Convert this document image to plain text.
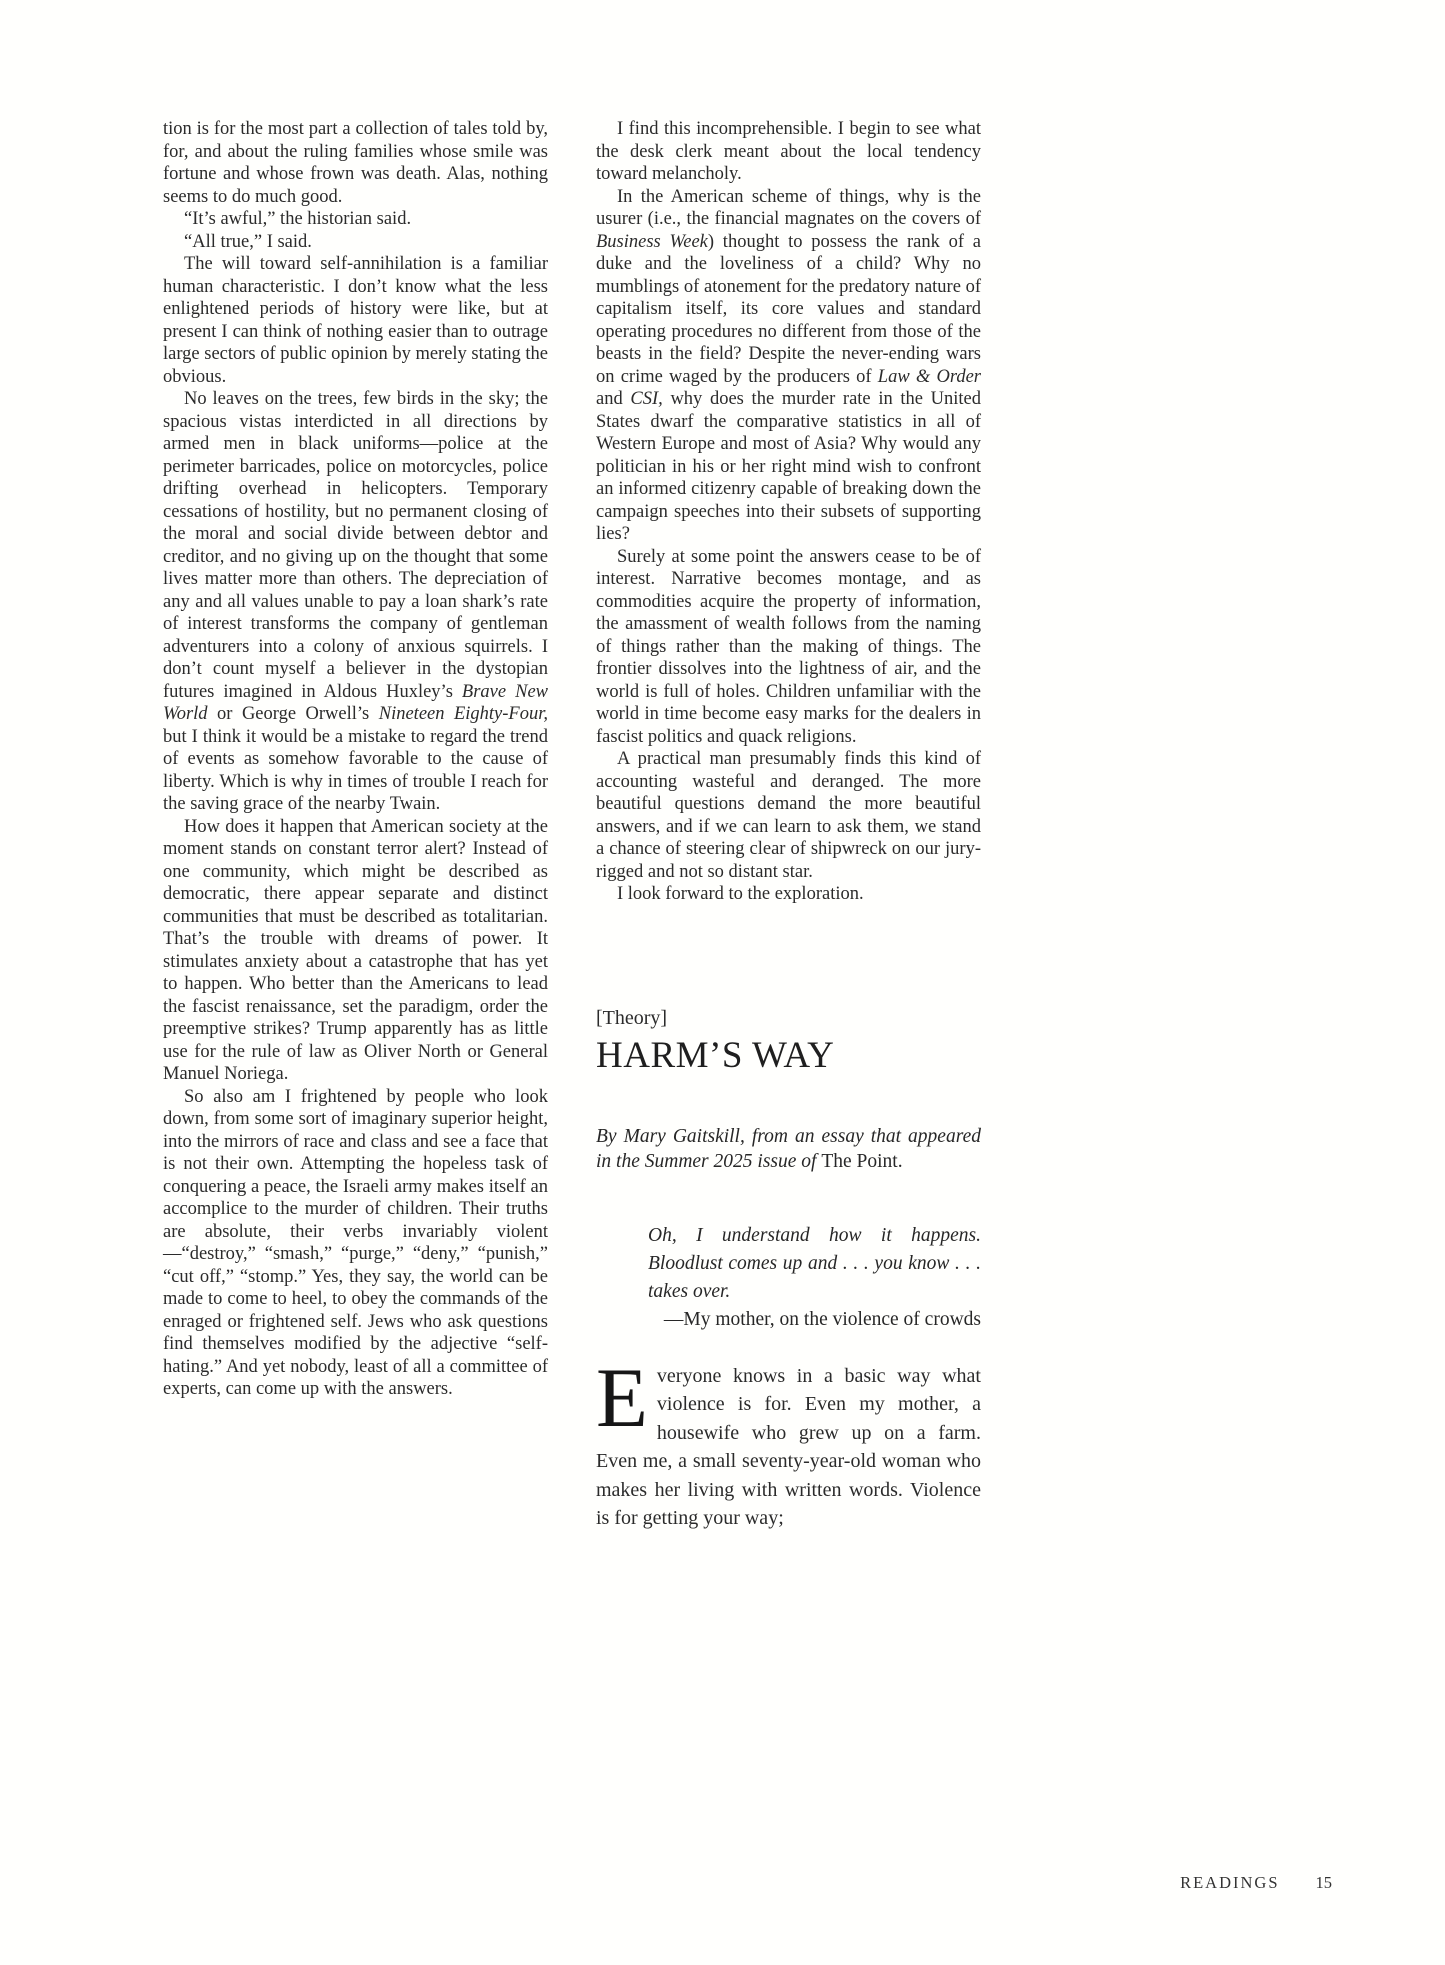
tion is for the most part a collection of tales told by, for, and about the ruling families whose smile was fortune and whose frown was death. Alas, nothing seems to do much good.

“It’s awful,” the historian said.

“All true,” I said.

The will toward self-annihilation is a familiar human characteristic. I don’t know what the less enlightened periods of history were like, but at present I can think of nothing easier than to outrage large sectors of public opinion by merely stating the obvious.

No leaves on the trees, few birds in the sky; the spacious vistas interdicted in all directions by armed men in black uniforms—police at the perimeter barricades, police on motorcycles, police drifting overhead in helicopters. Temporary cessations of hostility, but no permanent closing of the moral and social divide between debtor and creditor, and no giving up on the thought that some lives matter more than others. The depreciation of any and all values unable to pay a loan shark’s rate of interest transforms the company of gentleman adventurers into a colony of anxious squirrels. I don’t count myself a believer in the dystopian futures imagined in Aldous Huxley’s Brave New World or George Orwell’s Nineteen Eighty-Four, but I think it would be a mistake to regard the trend of events as somehow favorable to the cause of liberty. Which is why in times of trouble I reach for the saving grace of the nearby Twain.

How does it happen that American society at the moment stands on constant terror alert? Instead of one community, which might be described as democratic, there appear separate and distinct communities that must be described as totalitarian. That’s the trouble with dreams of power. It stimulates anxiety about a catastrophe that has yet to happen. Who better than the Americans to lead the fascist renaissance, set the paradigm, order the preemptive strikes? Trump apparently has as little use for the rule of law as Oliver North or General Manuel Noriega.

So also am I frightened by people who look down, from some sort of imaginary superior height, into the mirrors of race and class and see a face that is not their own. Attempting the hopeless task of conquering a peace, the Israeli army makes itself an accomplice to the murder of children. Their truths are absolute, their verbs invariably violent—“destroy,” “smash,” “purge,” “deny,” “punish,” “cut off,” “stomp.” Yes, they say, the world can be made to come to heel, to obey the commands of the enraged or frightened self. Jews who ask questions find themselves modified by the adjective “self-hating.” And yet nobody, least of all a committee of experts, can come up with the answers.

I find this incomprehensible. I begin to see what the desk clerk meant about the local tendency toward melancholy.

In the American scheme of things, why is the usurer (i.e., the financial magnates on the covers of Business Week) thought to possess the rank of a duke and the loveliness of a child? Why no mumblings of atonement for the predatory nature of capitalism itself, its core values and standard operating procedures no different from those of the beasts in the field? Despite the never-ending wars on crime waged by the producers of Law & Order and CSI, why does the murder rate in the United States dwarf the comparative statistics in all of Western Europe and most of Asia? Why would any politician in his or her right mind wish to confront an informed citizenry capable of breaking down the campaign speeches into their subsets of supporting lies?

Surely at some point the answers cease to be of interest. Narrative becomes montage, and as commodities acquire the property of information, the amassment of wealth follows from the naming of things rather than the making of things. The frontier dissolves into the lightness of air, and the world is full of holes. Children unfamiliar with the world in time become easy marks for the dealers in fascist politics and quack religions.

A practical man presumably finds this kind of accounting wasteful and deranged. The more beautiful questions demand the more beautiful answers, and if we can learn to ask them, we stand a chance of steering clear of shipwreck on our jury-rigged and not so distant star.

I look forward to the exploration.

[Theory]
HARM’S WAY

By Mary Gaitskill, from an essay that appeared in the Summer 2025 issue of The Point.

Oh, I understand how it happens. Bloodlust comes up and . . . you know . . . takes over.

—My mother, on the violence of crowds

Everyone knows in a basic way what violence is for. Even my mother, a housewife who grew up on a farm. Even me, a small seventy-year-old woman who makes her living with written words. Violence is for getting your way;

READINGS 15
